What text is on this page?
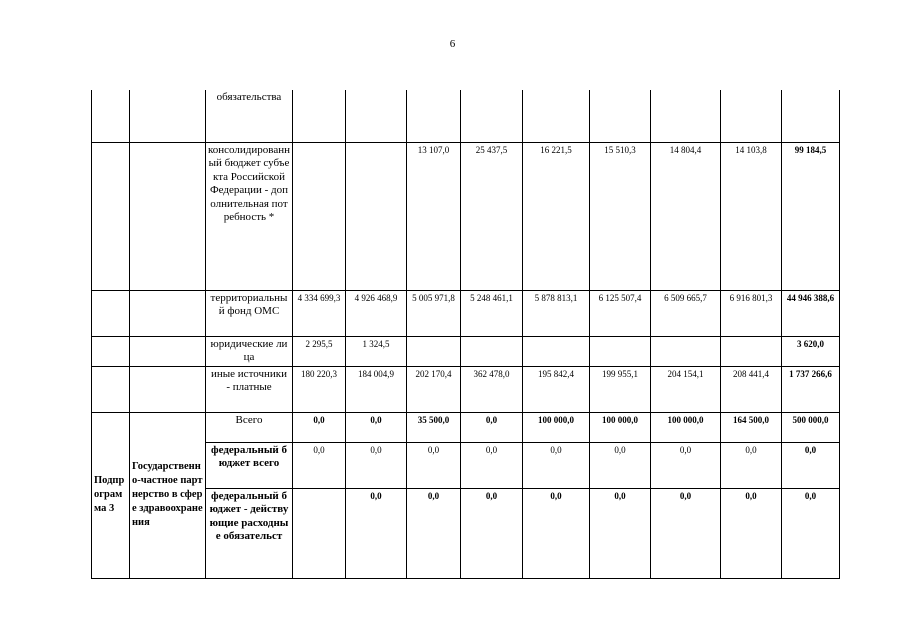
6
		обязательства									
		консолидированный бюджет субъекта Российской Федерации - дополнительная потребность *			13 107,0	25 437,5	16 221,5	15 510,3	14 804,4	14 103,8	99 184,5
		территориальный фонд ОМС	4 334 699,3	4 926 468,9	5 005 971,8	5 248 461,1	5 878 813,1	6 125 507,4	6 509 665,7	6 916 801,3	44 946 388,6
		юридические лица	2 295,5	1 324,5							3 620,0
		иные источники - платные	180 220,3	184 004,9	202 170,4	362 478,0	195 842,4	199 955,1	204 154,1	208 441,4	1 737 266,6
Подпрограмма 3	Государственно-частное партнерство в сфере здравоохранения	Всего	0,0	0,0	35 500,0	0,0	100 000,0	100 000,0	100 000,0	164 500,0	500 000,0
		федеральный бюджет всего	0,0	0,0	0,0	0,0	0,0	0,0	0,0	0,0	0,0
		федеральный бюджет - действующие расходные обязательст		0,0	0,0	0,0	0,0	0,0	0,0	0,0	0,0
